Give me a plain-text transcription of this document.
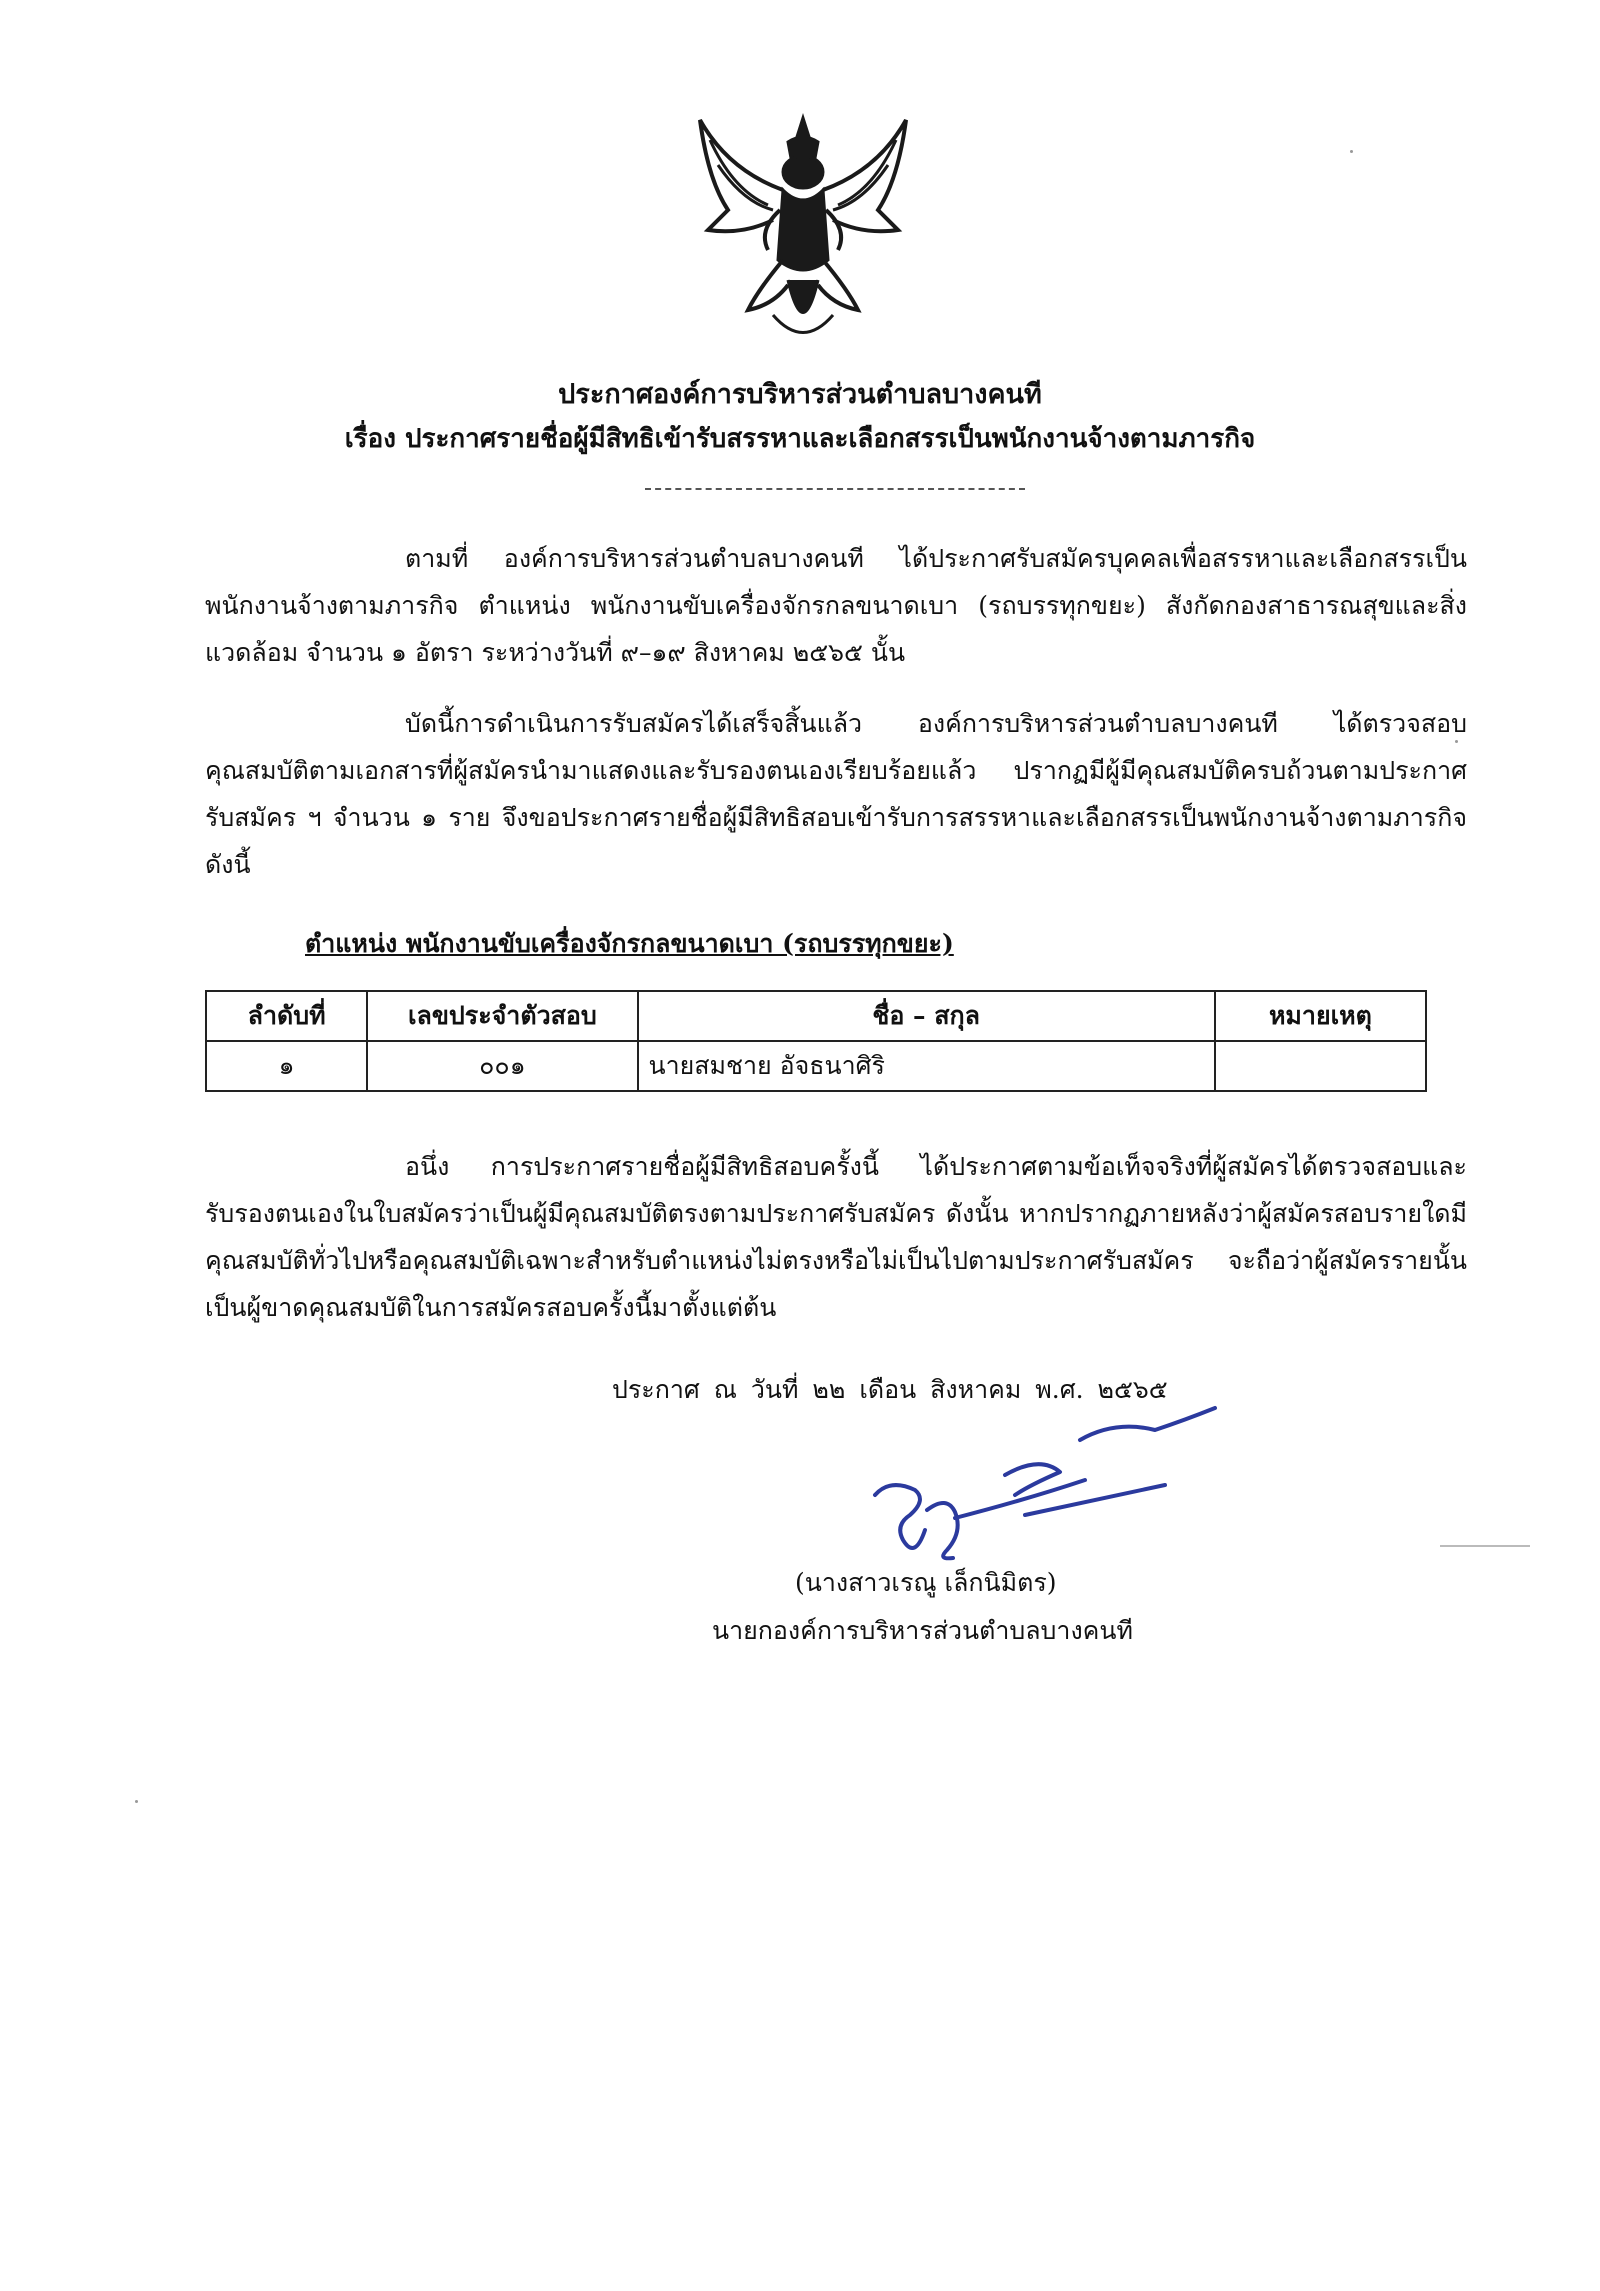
ประกาศองค์การบริหารส่วนตำบลบางคนที
เรื่อง ประกาศรายชื่อผู้มีสิทธิเข้ารับสรรหาและเลือกสรรเป็นพนักงานจ้างตามภารกิจ

ตามที่ องค์การบริหารส่วนตำบลบางคนที ได้ประกาศรับสมัครบุคคลเพื่อสรรหาและเลือกสรรเป็นพนักงานจ้างตามภารกิจ ตำแหน่ง พนักงานขับเครื่องจักรกลขนาดเบา (รถบรรทุกขยะ) สังกัดกองสาธารณสุขและสิ่งแวดล้อม จำนวน ๑ อัตรา ระหว่างวันที่ ๙–๑๙ สิงหาคม ๒๕๖๕ นั้น

บัดนี้การดำเนินการรับสมัครได้เสร็จสิ้นแล้ว องค์การบริหารส่วนตำบลบางคนที ได้ตรวจสอบคุณสมบัติตามเอกสารที่ผู้สมัครนำมาแสดงและรับรองตนเองเรียบร้อยแล้ว ปรากฏมีผู้มีคุณสมบัติครบถ้วนตามประกาศรับสมัคร ฯ จำนวน ๑ ราย จึงขอประกาศรายชื่อผู้มีสิทธิสอบเข้ารับการสรรหาและเลือกสรรเป็นพนักงานจ้างตามภารกิจ ดังนี้

ตำแหน่ง พนักงานขับเครื่องจักรกลขนาดเบา (รถบรรทุกขยะ)
ลำดับที่	เลขประจำตัวสอบ	ชื่อ – สกุล	หมายเหตุ
๑	๐๐๑	นายสมชาย อัจธนาศิริ	

อนึ่ง การประกาศรายชื่อผู้มีสิทธิสอบครั้งนี้ ได้ประกาศตามข้อเท็จจริงที่ผู้สมัครได้ตรวจสอบและรับรองตนเองในใบสมัครว่าเป็นผู้มีคุณสมบัติตรงตามประกาศรับสมัคร ดังนั้น หากปรากฏภายหลังว่าผู้สมัครสอบรายใดมีคุณสมบัติทั่วไปหรือคุณสมบัติเฉพาะสำหรับตำแหน่งไม่ตรงหรือไม่เป็นไปตามประกาศรับสมัคร จะถือว่าผู้สมัครรายนั้นเป็นผู้ขาดคุณสมบัติในการสมัครสอบครั้งนี้มาตั้งแต่ต้น

ประกาศ ณ วันที่ ๒๒ เดือน สิงหาคม พ.ศ. ๒๕๖๕
(นางสาวเรณู เล็กนิมิตร)
นายกองค์การบริหารส่วนตำบลบางคนที
